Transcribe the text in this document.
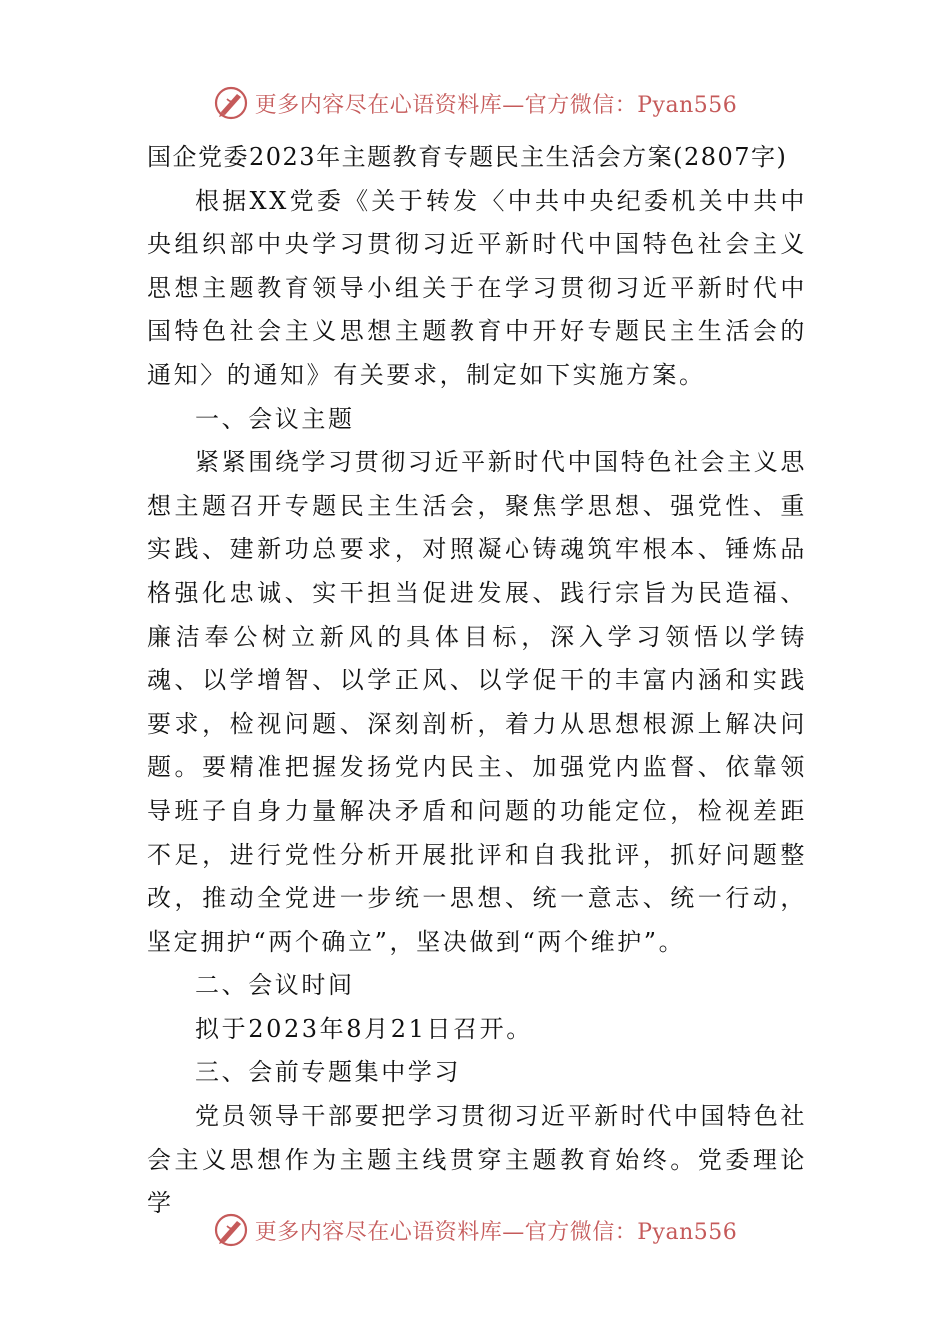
更多内容尽在心语资料库—官方微信：Pyan556

国企党委2023年主题教育专题民主生活会方案(2807字)

根据XX党委《关于转发〈中共中央纪委机关中共中央组织部中央学习贯彻习近平新时代中国特色社会主义思想主题教育领导小组关于在学习贯彻习近平新时代中国特色社会主义思想主题教育中开好专题民主生活会的通知〉的通知》有关要求，制定如下实施方案。

一、会议主题

紧紧围绕学习贯彻习近平新时代中国特色社会主义思想主题召开专题民主生活会，聚焦学思想、强党性、重实践、建新功总要求，对照凝心铸魂筑牢根本、锤炼品格强化忠诚、实干担当促进发展、践行宗旨为民造福、廉洁奉公树立新风的具体目标，深入学习领悟以学铸魂、以学增智、以学正风、以学促干的丰富内涵和实践要求，检视问题、深刻剖析，着力从思想根源上解决问题。要精准把握发扬党内民主、加强党内监督、依靠领导班子自身力量解决矛盾和问题的功能定位，检视差距不足，进行党性分析开展批评和自我批评，抓好问题整改，推动全党进一步统一思想、统一意志、统一行动，坚定拥护“两个确立”，坚决做到“两个维护”。

二、会议时间

拟于2023年8月21日召开。

三、会前专题集中学习

党员领导干部要把学习贯彻习近平新时代中国特色社会主义思想作为主题主线贯穿主题教育始终。党委理论学

更多内容尽在心语资料库—官方微信：Pyan556
